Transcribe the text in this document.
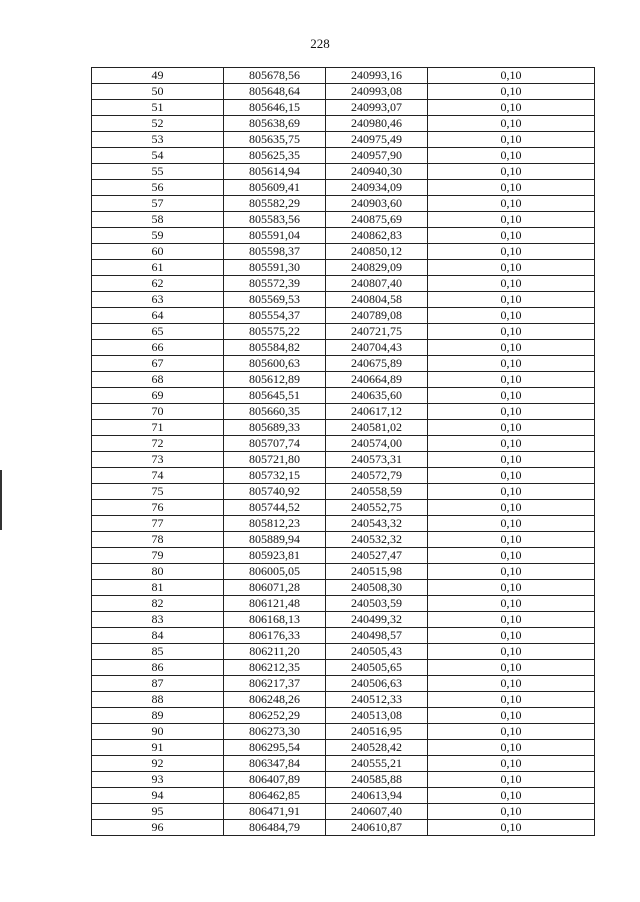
228
49	805678,56	240993,16	0,10
50	805648,64	240993,08	0,10
51	805646,15	240993,07	0,10
52	805638,69	240980,46	0,10
53	805635,75	240975,49	0,10
54	805625,35	240957,90	0,10
55	805614,94	240940,30	0,10
56	805609,41	240934,09	0,10
57	805582,29	240903,60	0,10
58	805583,56	240875,69	0,10
59	805591,04	240862,83	0,10
60	805598,37	240850,12	0,10
61	805591,30	240829,09	0,10
62	805572,39	240807,40	0,10
63	805569,53	240804,58	0,10
64	805554,37	240789,08	0,10
65	805575,22	240721,75	0,10
66	805584,82	240704,43	0,10
67	805600,63	240675,89	0,10
68	805612,89	240664,89	0,10
69	805645,51	240635,60	0,10
70	805660,35	240617,12	0,10
71	805689,33	240581,02	0,10
72	805707,74	240574,00	0,10
73	805721,80	240573,31	0,10
74	805732,15	240572,79	0,10
75	805740,92	240558,59	0,10
76	805744,52	240552,75	0,10
77	805812,23	240543,32	0,10
78	805889,94	240532,32	0,10
79	805923,81	240527,47	0,10
80	806005,05	240515,98	0,10
81	806071,28	240508,30	0,10
82	806121,48	240503,59	0,10
83	806168,13	240499,32	0,10
84	806176,33	240498,57	0,10
85	806211,20	240505,43	0,10
86	806212,35	240505,65	0,10
87	806217,37	240506,63	0,10
88	806248,26	240512,33	0,10
89	806252,29	240513,08	0,10
90	806273,30	240516,95	0,10
91	806295,54	240528,42	0,10
92	806347,84	240555,21	0,10
93	806407,89	240585,88	0,10
94	806462,85	240613,94	0,10
95	806471,91	240607,40	0,10
96	806484,79	240610,87	0,10
